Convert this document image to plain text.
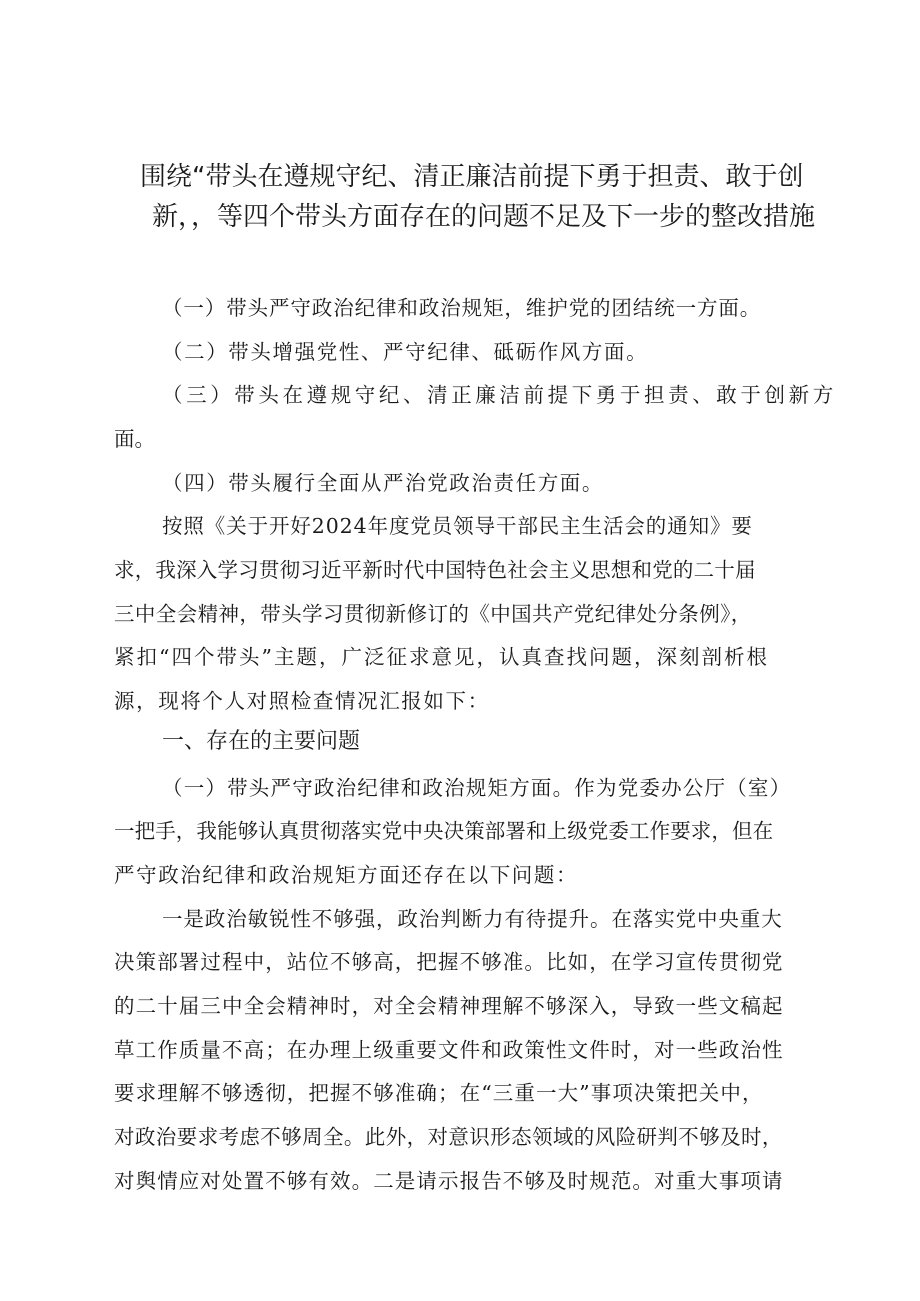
围绕“带头在遵规守纪、清正廉洁前提下勇于担责、敢于创
新，，等四个带头方面存在的问题不足及下一步的整改措施
（一）带头严守政治纪律和政治规矩，维护党的团结统一方面。
（二）带头增强党性、严守纪律、砥砺作风方面。
（三）带头在遵规守纪、清正廉洁前提下勇于担责、敢于创新方
面。
（四）带头履行全面从严治党政治责任方面。
按照《关于开好2024年度党员领导干部民主生活会的通知》要
求，我深入学习贯彻习近平新时代中国特色社会主义思想和党的二十届
三中全会精神，带头学习贯彻新修订的《中国共产党纪律处分条例》，
紧扣“四个带头”主题，广泛征求意见，认真查找问题，深刻剖析根
源，现将个人对照检查情况汇报如下：
一、存在的主要问题
（一）带头严守政治纪律和政治规矩方面。作为党委办公厅（室）
一把手，我能够认真贯彻落实党中央决策部署和上级党委工作要求，但在
严守政治纪律和政治规矩方面还存在以下问题：
一是政治敏锐性不够强，政治判断力有待提升。在落实党中央重大
决策部署过程中，站位不够高，把握不够准。比如，在学习宣传贯彻党
的二十届三中全会精神时，对全会精神理解不够深入，导致一些文稿起
草工作质量不高；在办理上级重要文件和政策性文件时，对一些政治性
要求理解不够透彻，把握不够准确；在“三重一大”事项决策把关中，
对政治要求考虑不够周全。此外，对意识形态领域的风险研判不够及时，
对舆情应对处置不够有效。二是请示报告不够及时规范。对重大事项请
